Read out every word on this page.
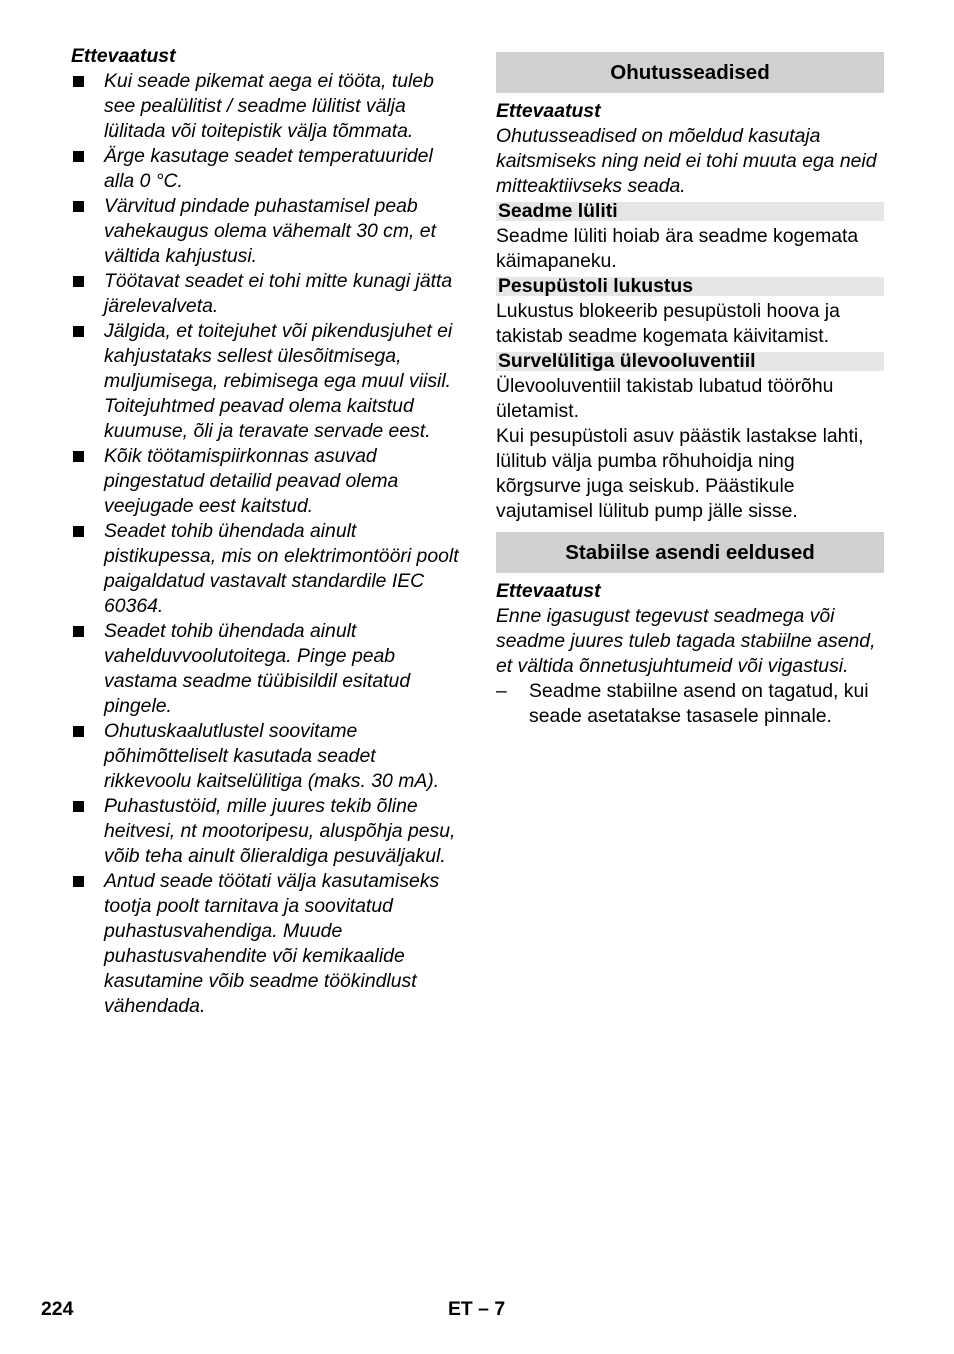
Ettevaatust
Kui seade pikemat aega ei tööta, tuleb see pealülitist / seadme lülitist välja lülitada või toitepistik välja tõmmata.
Ärge kasutage seadet temperatuuridel alla 0 °C.
Värvitud pindade puhastamisel peab vahekaugus olema vähemalt 30 cm, et vältida kahjustusi.
Töötavat seadet ei tohi mitte kunagi jätta järelevalveta.
Jälgida, et toitejuhet või pikendusjuhet ei kahjustataks sellest ülesõitmisega, muljumisega, rebimisega ega muul viisil. Toitejuhtmed peavad olema kaitstud kuumuse, õli ja teravate servade eest.
Kõik töötamispiirkonnas asuvad pingestatud detailid peavad olema veejugade eest kaitstud.
Seadet tohib ühendada ainult pistikupessa, mis on elektrimontööri poolt paigaldatud vastavalt standardile IEC 60364.
Seadet tohib ühendada ainult vahelduvvoolutoitega. Pinge peab vastama seadme tüübisildil esitatud pingele.
Ohutuskaalutlustel soovitame põhimõtteliselt kasutada seadet rikkevoolu kaitselülitiga (maks. 30 mA).
Puhastustöid, mille juures tekib õline heitvesi, nt mootoripesu, aluspõhja pesu, võib teha ainult õlieraldiga pesuväljakul.
Antud seade töötati välja kasutamiseks tootja poolt tarnitava ja soovitatud puhastusvahendiga. Muude puhastusvahendite või kemikaalide kasutamine võib seadme töökindlust vähendada.
Ohutusseadised
Ettevaatust

Ohutusseadised on mõeldud kasutaja kaitsmiseks ning neid ei tohi muuta ega neid mitteaktiivseks seada.

Seadme lüliti

Seadme lüliti hoiab ära seadme kogemata käimapaneku.

Pesupüstoli lukustus

Lukustus blokeerib pesupüstoli hoova ja takistab seadme kogemata käivitamist.

Survelülitiga ülevooluventiil

Ülevooluventiil takistab lubatud töörõhu ületamist.

Kui pesupüstoli asuv päästik lastakse lahti, lülitub välja pumba rõhuhoidja ning kõrgsurve juga seiskub. Päästikule vajutamisel lülitub pump jälle sisse.

Stabiilse asendi eeldused
Ettevaatust

Enne igasugust tegevust seadmega või seadme juures tuleb tagada stabiilne asend, et vältida õnnetusjuhtumeid või vigastusi.

– Seadme stabiilne asend on tagatud, kui seade asetatakse tasasele pinnale.
224	ET – 7
